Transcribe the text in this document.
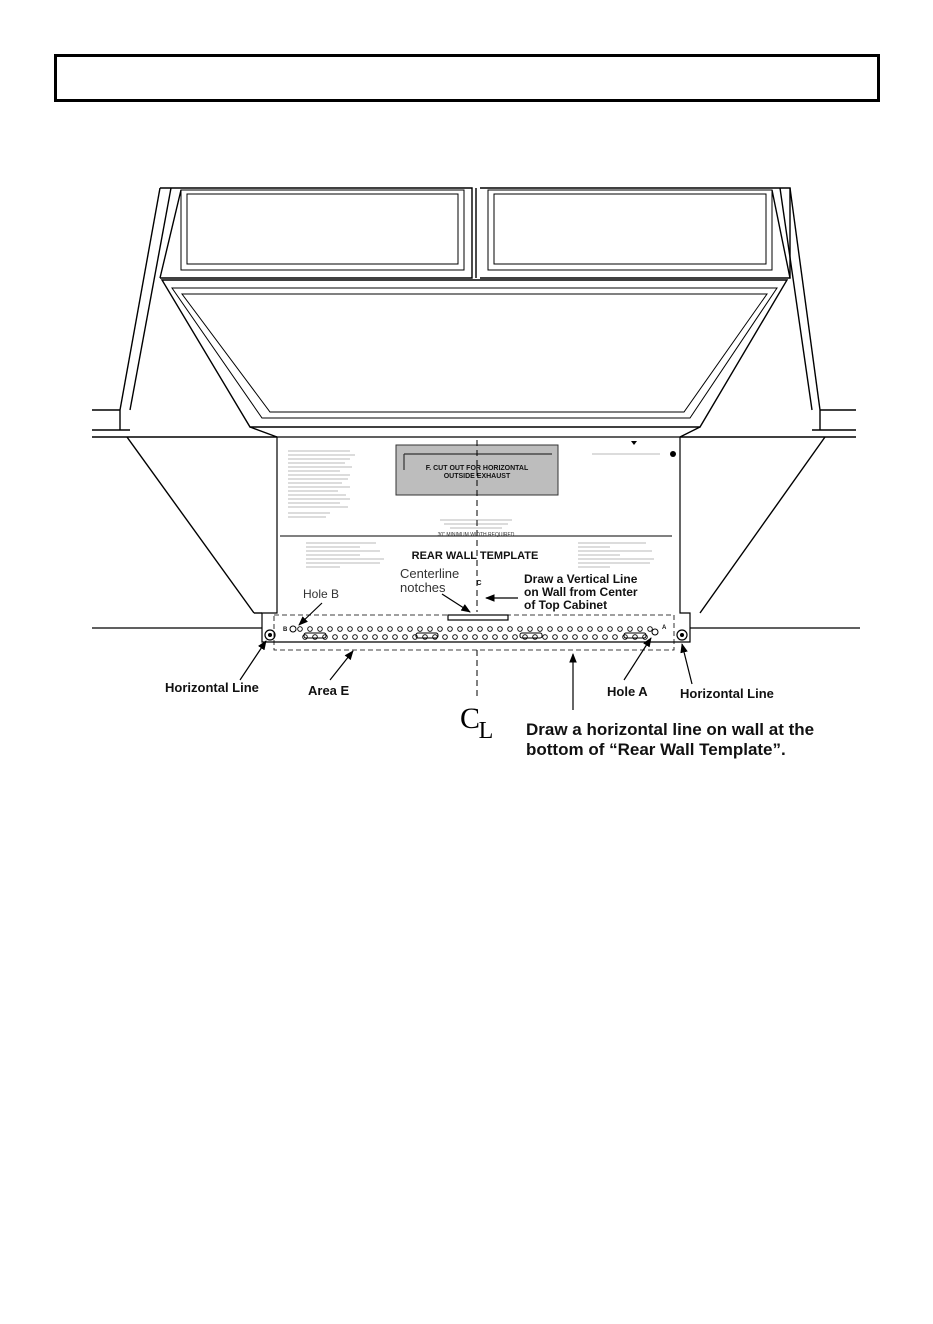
30" MINIMUM WIDTH REQUIRED
F. CUT OUT FOR HORIZONTAL
OUTSIDE EXHAUST
REAR WALL TEMPLATE
C
B	A
C
L
Centerline
notches
Draw a Vertical Line
on Wall from Center
of Top Cabinet
Hole B
Horizontal Line	Area E	Hole A Horizontal Line
Draw a horizontal line on wall at the
bottom of “Rear Wall Template”.
